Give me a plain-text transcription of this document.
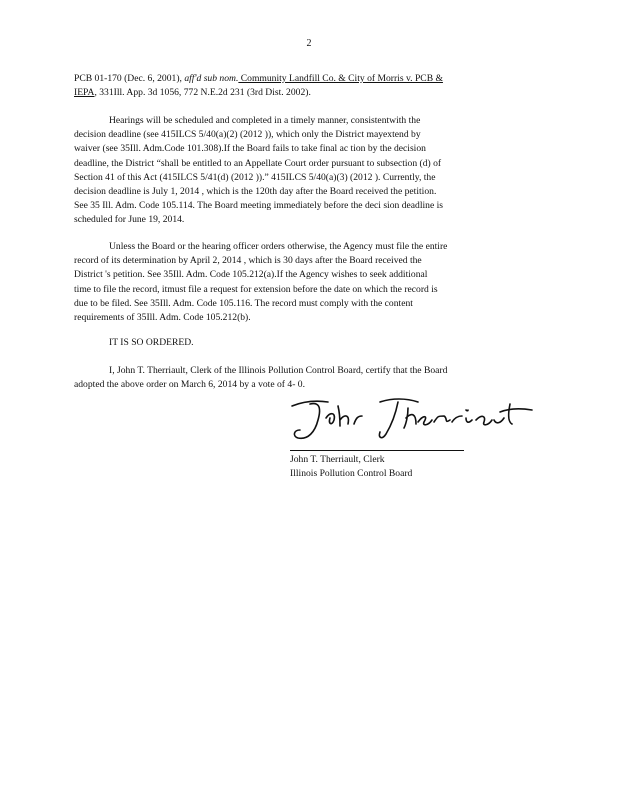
2
PCB 01-170 (Dec. 6, 2001), aff'd sub nom. Community Landfill Co. & City of Morris v. PCB &
IEPA, 331Ill. App. 3d 1056, 772 N.E.2d 231 (3rd Dist. 2002).
Hearings will be scheduled and completed in a timely manner, consistentwith the
decision deadline (see 415ILCS 5/40(a)(2) (2012 )), which only the District mayextend by
waiver (see 35Ill. Adm.Code 101.308).If the Board fails to take final ac tion by the decision
deadline, the District “shall be entitled to an Appellate Court order pursuant to subsection (d) of
Section 41 of this Act (415ILCS 5/41(d) (2012 )).” 415ILCS 5/40(a)(3) (2012 ). Currently, the
decision deadline is July 1, 2014 , which is the 120th day after the Board received the petition.
See 35 Ill. Adm. Code 105.114. The Board meeting immediately before the deci sion deadline is
scheduled for June 19, 2014.
Unless the Board or the hearing officer orders otherwise, the Agency must file the entire
record of its determination by April 2, 2014 , which is 30 days after the Board received the
District 's petition. See 35Ill. Adm. Code 105.212(a).If the Agency wishes to seek additional
time to file the record, itmust file a request for extension before the date on which the record is
due to be filed. See 35Ill. Adm. Code 105.116. The record must comply with the content
requirements of 35Ill. Adm. Code 105.212(b).
IT IS SO ORDERED.
I, John T. Therriault, Clerk of the Illinois Pollution Control Board, certify that the Board
adopted the above order on March 6, 2014 by a vote of 4- 0.
John T. Therriault, Clerk
Illinois Pollution Control Board
